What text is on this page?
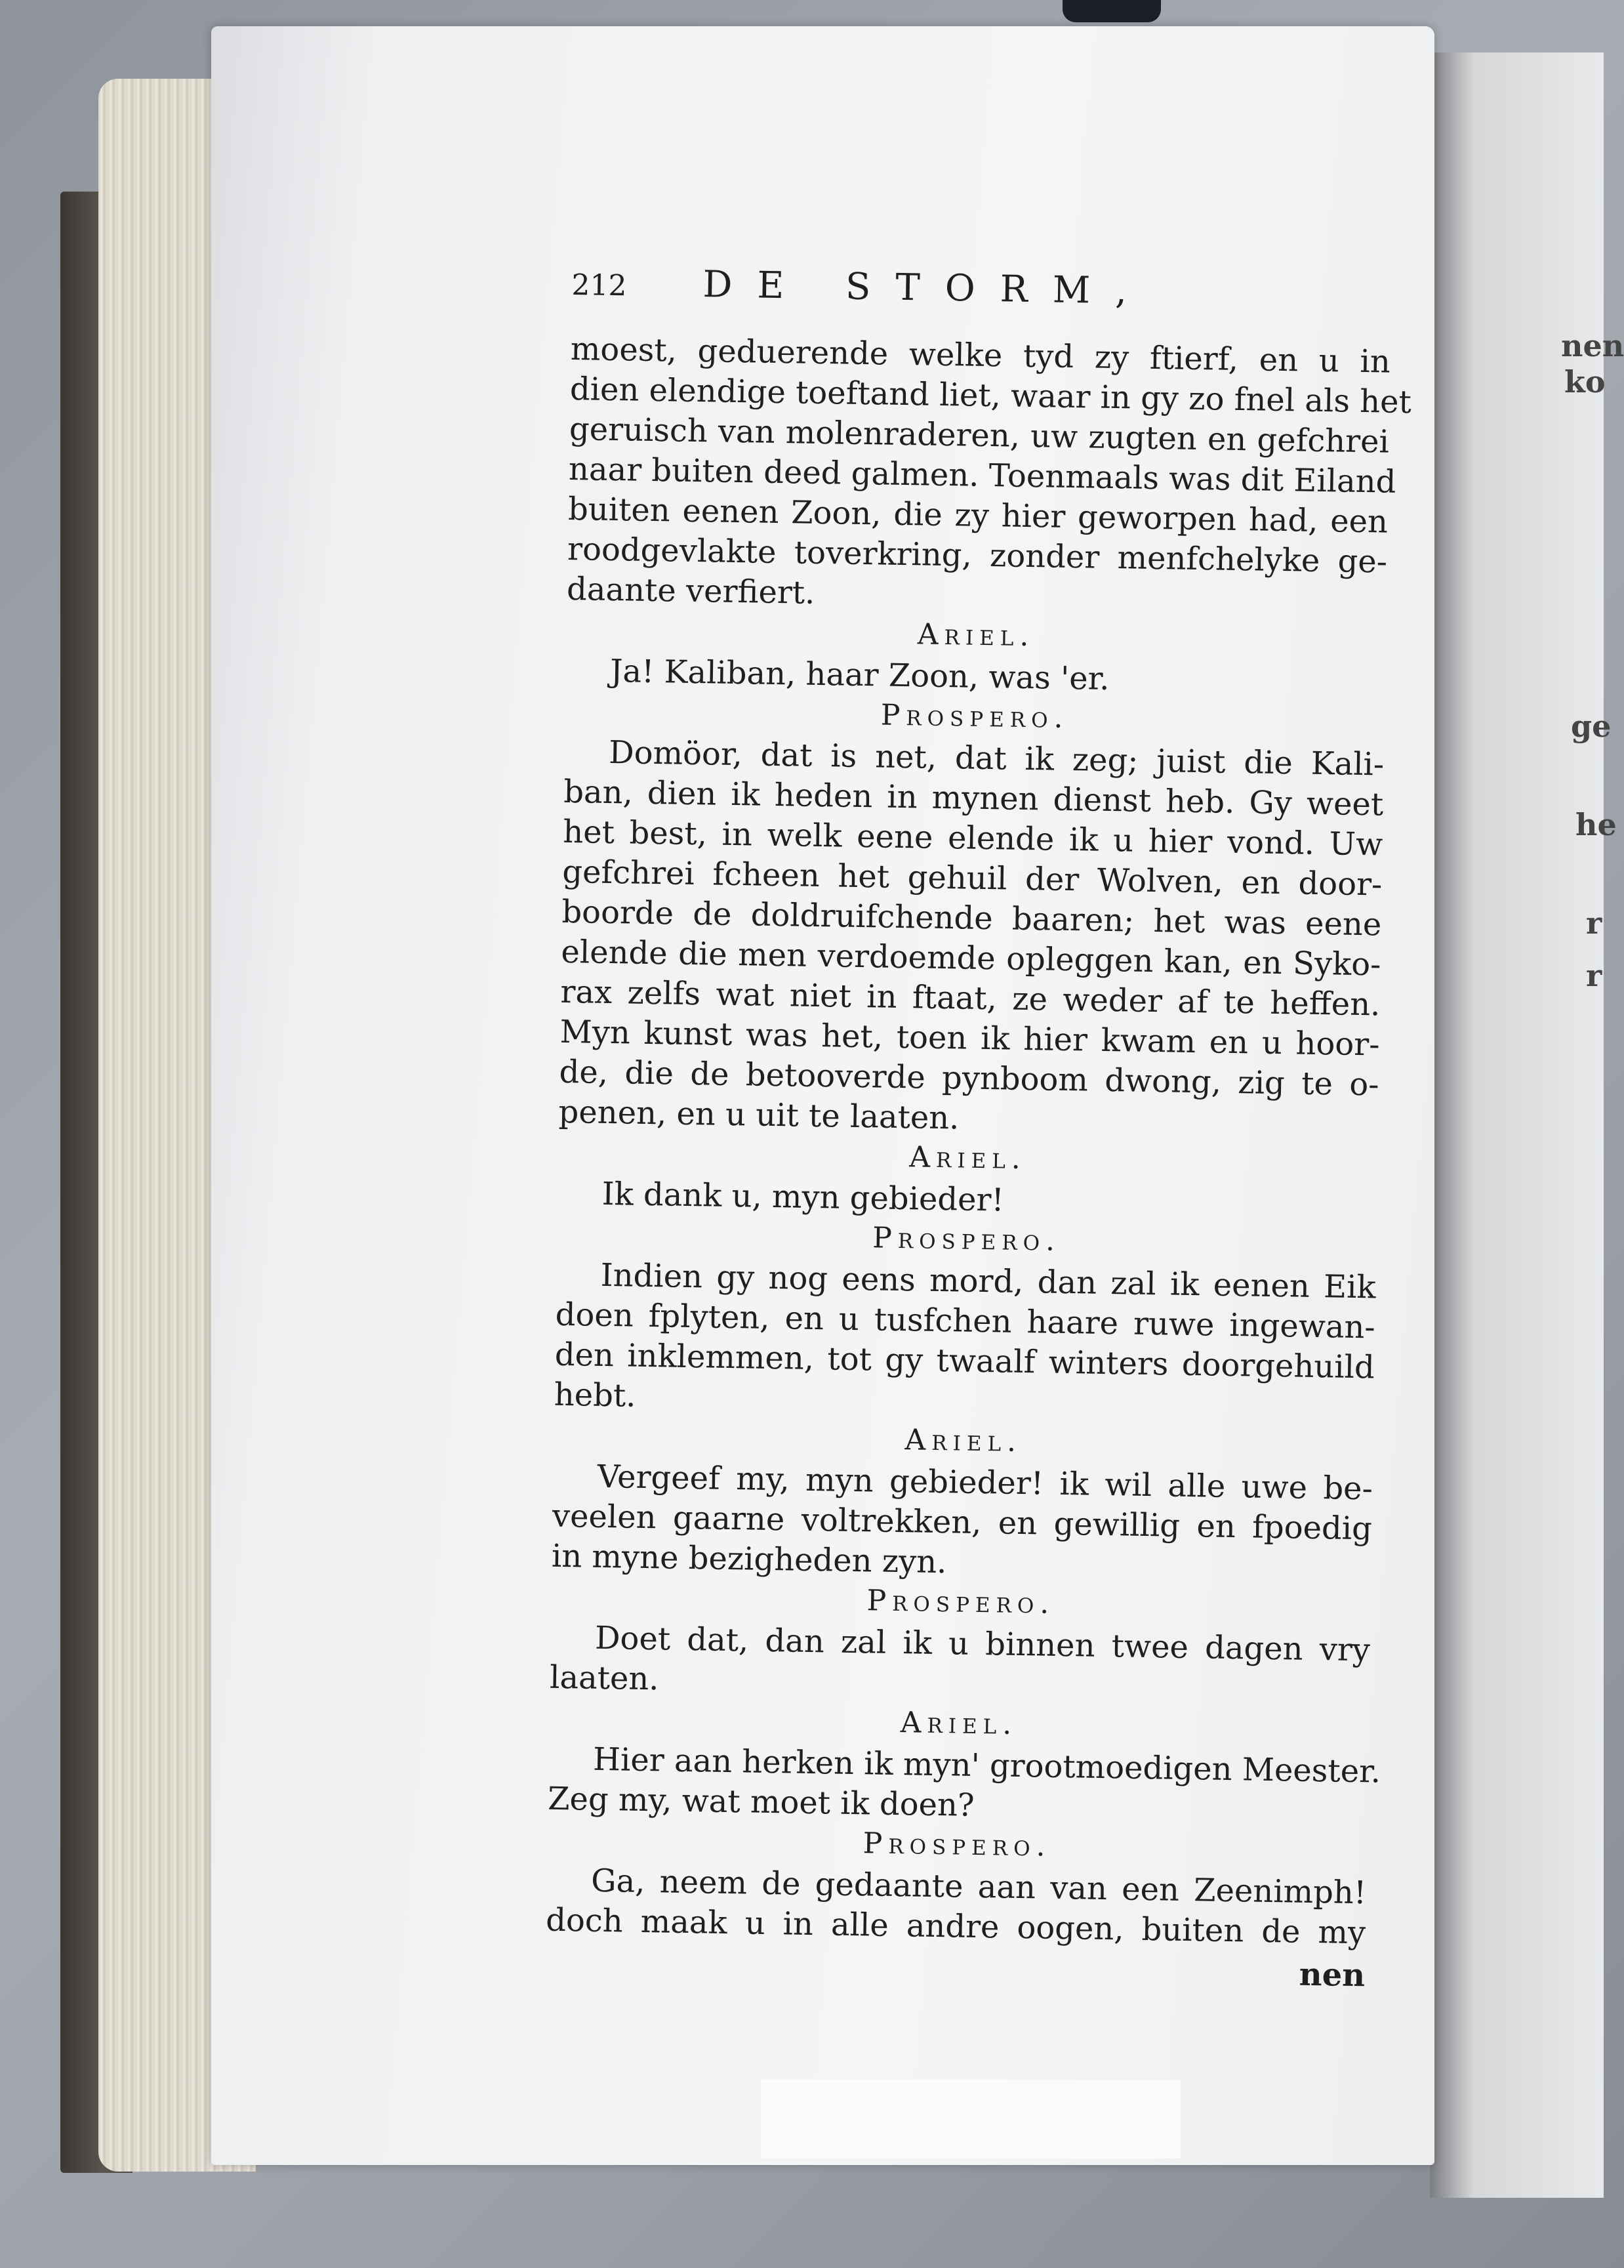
nen
ko
ge
he
r
r
212	DE STORM,
moest, geduerende welke tyd zy ftierf, en u in
dien elendige toeftand liet, waar in gy zo fnel als het
geruisch van molenraderen, uw zugten en gefchrei
naar buiten deed galmen. Toenmaals was dit Eiland
buiten eenen Zoon, die zy hier geworpen had, een
roodgevlakte toverkring, zonder menfchelyke ge-
daante verfiert.
Ariel.
Ja! Kaliban, haar Zoon, was 'er.
Prospero.
Domöor, dat is net, dat ik zeg; juist die Kali-
ban, dien ik heden in mynen dienst heb. Gy weet
het best, in welk eene elende ik u hier vond. Uw
gefchrei fcheen het gehuil der Wolven, en door-
boorde de doldruifchende baaren; het was eene
elende die men verdoemde opleggen kan, en Syko-
rax zelfs wat niet in ftaat, ze weder af te heffen.
Myn kunst was het, toen ik hier kwam en u hoor-
de, die de betooverde pynboom dwong, zig te o-
penen, en u uit te laaten.
Ariel.
Ik dank u, myn gebieder!
Prospero.
Indien gy nog eens mord, dan zal ik eenen Eik
doen fplyten, en u tusfchen haare ruwe ingewan-
den inklemmen, tot gy twaalf winters doorgehuild
hebt.
Ariel.
Vergeef my, myn gebieder! ik wil alle uwe be-
veelen gaarne voltrekken, en gewillig en fpoedig
in myne bezigheden zyn.
Prospero.
Doet dat, dan zal ik u binnen twee dagen vry
laaten.
Ariel.
Hier aan herken ik myn' grootmoedigen Meester.
Zeg my, wat moet ik doen?
Prospero.
Ga, neem de gedaante aan van een Zeenimph!
doch maak u in alle andre oogen, buiten de my
nen
